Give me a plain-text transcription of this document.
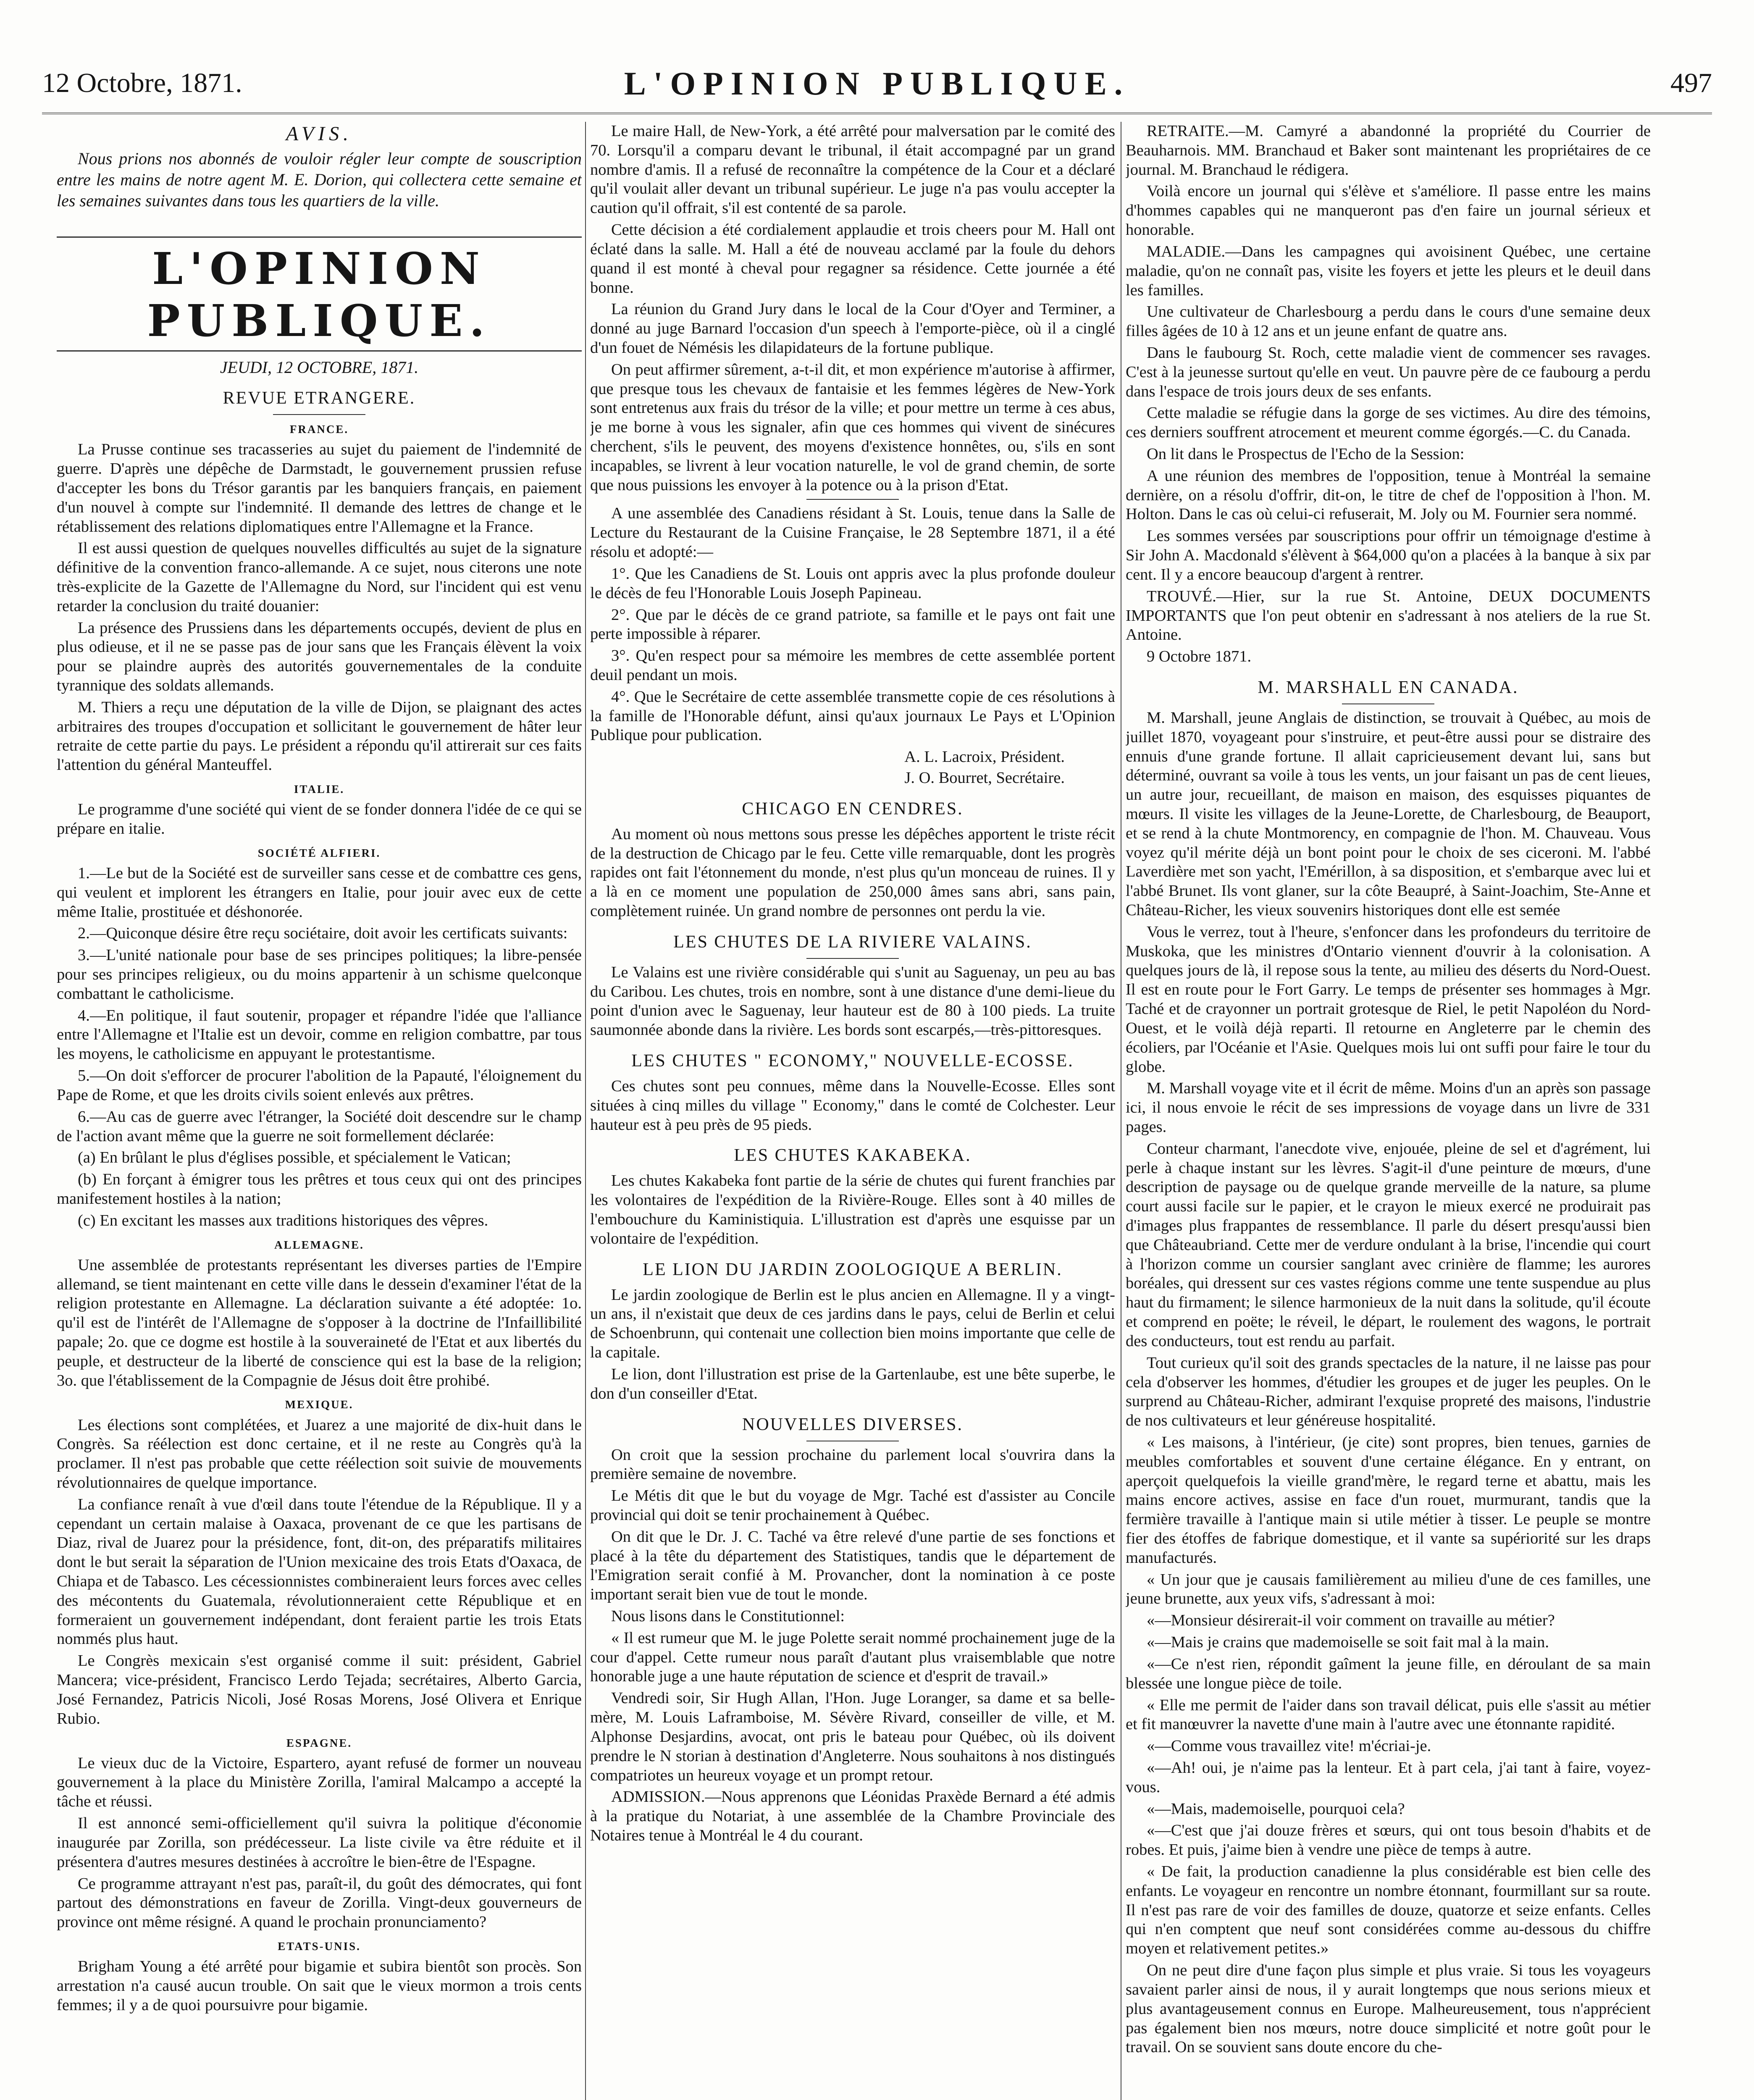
12 Octobre, 1871.	L'OPINION PUBLIQUE.	497
AVIS.

Nous prions nos abonnés de vouloir régler leur compte de souscription entre les mains de notre agent M. E. Dorion, qui collectera cette semaine et les semaines suivantes dans tous les quartiers de la ville.

L'OPINION PUBLIQUE.
JEUDI, 12 OCTOBRE, 1871.
REVUE ETRANGERE.
FRANCE.

La Prusse continue ses tracasseries au sujet du paiement de l'indemnité de guerre. D'après une dépêche de Darmstadt, le gouvernement prussien refuse d'accepter les bons du Trésor garantis par les banquiers français, en paiement d'un nouvel à compte sur l'indemnité. Il demande des lettres de change et le rétablissement des relations diplomatiques entre l'Allemagne et la France.

Il est aussi question de quelques nouvelles difficultés au sujet de la signature définitive de la convention franco-allemande. A ce sujet, nous citerons une note très-explicite de la Gazette de l'Allemagne du Nord, sur l'incident qui est venu retarder la conclusion du traité douanier:

La présence des Prussiens dans les départements occupés, devient de plus en plus odieuse, et il ne se passe pas de jour sans que les Français élèvent la voix pour se plaindre auprès des autorités gouvernementales de la conduite tyrannique des soldats allemands.

M. Thiers a reçu une députation de la ville de Dijon, se plaignant des actes arbitraires des troupes d'occupation et sollicitant le gouvernement de hâter leur retraite de cette partie du pays. Le président a répondu qu'il attirerait sur ces faits l'attention du général Manteuffel.

ITALIE.

Le programme d'une société qui vient de se fonder donnera l'idée de ce qui se prépare en italie.

SOCIÉTÉ ALFIERI.

1.—Le but de la Société est de surveiller sans cesse et de combattre ces gens, qui veulent et implorent les étrangers en Italie, pour jouir avec eux de cette même Italie, prostituée et déshonorée.

2.—Quiconque désire être reçu sociétaire, doit avoir les certificats suivants:

3.—L'unité nationale pour base de ses principes politiques; la libre-pensée pour ses principes religieux, ou du moins appartenir à un schisme quelconque combattant le catholicisme.

4.—En politique, il faut soutenir, propager et répandre l'idée que l'alliance entre l'Allemagne et l'Italie est un devoir, comme en religion combattre, par tous les moyens, le catholicisme en appuyant le protestantisme.

5.—On doit s'efforcer de procurer l'abolition de la Papauté, l'éloignement du Pape de Rome, et que les droits civils soient enlevés aux prêtres.

6.—Au cas de guerre avec l'étranger, la Société doit descendre sur le champ de l'action avant même que la guerre ne soit formellement déclarée:

(a) En brûlant le plus d'églises possible, et spécialement le Vatican;

(b) En forçant à émigrer tous les prêtres et tous ceux qui ont des principes manifestement hostiles à la nation;

(c) En excitant les masses aux traditions historiques des vêpres.

ALLEMAGNE.

Une assemblée de protestants représentant les diverses parties de l'Empire allemand, se tient maintenant en cette ville dans le dessein d'examiner l'état de la religion protestante en Allemagne. La déclaration suivante a été adoptée: 1o. qu'il est de l'intérêt de l'Allemagne de s'opposer à la doctrine de l'Infaillibilité papale; 2o. que ce dogme est hostile à la souveraineté de l'Etat et aux libertés du peuple, et destructeur de la liberté de conscience qui est la base de la religion; 3o. que l'établissement de la Compagnie de Jésus doit être prohibé.

MEXIQUE.

Les élections sont complétées, et Juarez a une majorité de dix-huit dans le Congrès. Sa réélection est donc certaine, et il ne reste au Congrès qu'à la proclamer. Il n'est pas probable que cette réélection soit suivie de mouvements révolutionnaires de quelque importance.

La confiance renaît à vue d'œil dans toute l'étendue de la République. Il y a cependant un certain malaise à Oaxaca, provenant de ce que les partisans de Diaz, rival de Juarez pour la présidence, font, dit-on, des préparatifs militaires dont le but serait la séparation de l'Union mexicaine des trois Etats d'Oaxaca, de Chiapa et de Tabasco. Les cécessionnistes combineraient leurs forces avec celles des mécontents du Guatemala, révolutionneraient cette République et en formeraient un gouvernement indépendant, dont feraient partie les trois Etats nommés plus haut.

Le Congrès mexicain s'est organisé comme il suit: président, Gabriel Mancera; vice-président, Francisco Lerdo Tejada; secrétaires, Alberto Garcia, José Fernandez, Patricis Nicoli, José Rosas Morens, José Olivera et Enrique Rubio.

ESPAGNE.

Le vieux duc de la Victoire, Espartero, ayant refusé de former un nouveau gouvernement à la place du Ministère Zorilla, l'amiral Malcampo a accepté la tâche et réussi.

Il est annoncé semi-officiellement qu'il suivra la politique d'économie inaugurée par Zorilla, son prédécesseur. La liste civile va être réduite et il présentera d'autres mesures destinées à accroître le bien-être de l'Espagne.

Ce programme attrayant n'est pas, paraît-il, du goût des démocrates, qui font partout des démonstrations en faveur de Zorilla. Vingt-deux gouverneurs de province ont même résigné. A quand le prochain pronunciamento?

ETATS-UNIS.

Brigham Young a été arrêté pour bigamie et subira bientôt son procès. Son arrestation n'a causé aucun trouble. On sait que le vieux mormon a trois cents femmes; il y a de quoi poursuivre pour bigamie.

Le maire Hall, de New-York, a été arrêté pour malversation par le comité des 70. Lorsqu'il a comparu devant le tribunal, il était accompagné par un grand nombre d'amis. Il a refusé de reconnaître la compétence de la Cour et a déclaré qu'il voulait aller devant un tribunal supérieur. Le juge n'a pas voulu accepter la caution qu'il offrait, s'il est contenté de sa parole.

Cette décision a été cordialement applaudie et trois cheers pour M. Hall ont éclaté dans la salle. M. Hall a été de nouveau acclamé par la foule du dehors quand il est monté à cheval pour regagner sa résidence. Cette journée a été bonne.

La réunion du Grand Jury dans le local de la Cour d'Oyer and Terminer, a donné au juge Barnard l'occasion d'un speech à l'emporte-pièce, où il a cinglé d'un fouet de Némésis les dilapidateurs de la fortune publique.

On peut affirmer sûrement, a-t-il dit, et mon expérience m'autorise à affirmer, que presque tous les chevaux de fantaisie et les femmes légères de New-York sont entretenus aux frais du trésor de la ville; et pour mettre un terme à ces abus, je me borne à vous les signaler, afin que ces hommes qui vivent de sinécures cherchent, s'ils le peuvent, des moyens d'existence honnêtes, ou, s'ils en sont incapables, se livrent à leur vocation naturelle, le vol de grand chemin, de sorte que nous puissions les envoyer à la potence ou à la prison d'Etat.

A une assemblée des Canadiens résidant à St. Louis, tenue dans la Salle de Lecture du Restaurant de la Cuisine Française, le 28 Septembre 1871, il a été résolu et adopté:—

1°. Que les Canadiens de St. Louis ont appris avec la plus profonde douleur le décès de feu l'Honorable Louis Joseph Papineau.

2°. Que par le décès de ce grand patriote, sa famille et le pays ont fait une perte impossible à réparer.

3°. Qu'en respect pour sa mémoire les membres de cette assemblée portent deuil pendant un mois.

4°. Que le Secrétaire de cette assemblée transmette copie de ces résolutions à la famille de l'Honorable défunt, ainsi qu'aux journaux Le Pays et L'Opinion Publique pour publication.

A. L. Lacroix, Président.
J. O. Bourret, Secrétaire.
CHICAGO EN CENDRES.

Au moment où nous mettons sous presse les dépêches apportent le triste récit de la destruction de Chicago par le feu. Cette ville remarquable, dont les progrès rapides ont fait l'étonnement du monde, n'est plus qu'un monceau de ruines. Il y a là en ce moment une population de 250,000 âmes sans abri, sans pain, complètement ruinée. Un grand nombre de personnes ont perdu la vie.

LES CHUTES DE LA RIVIERE VALAINS.

Le Valains est une rivière considérable qui s'unit au Saguenay, un peu au bas du Caribou. Les chutes, trois en nombre, sont à une distance d'une demi-lieue du point d'union avec le Saguenay, leur hauteur est de 80 à 100 pieds. La truite saumonnée abonde dans la rivière. Les bords sont escarpés,—très-pittoresques.

LES CHUTES " ECONOMY," NOUVELLE-ECOSSE.

Ces chutes sont peu connues, même dans la Nouvelle-Ecosse. Elles sont situées à cinq milles du village " Economy," dans le comté de Colchester. Leur hauteur est à peu près de 95 pieds.

LES CHUTES KAKABEKA.

Les chutes Kakabeka font partie de la série de chutes qui furent franchies par les volontaires de l'expédition de la Rivière-Rouge. Elles sont à 40 milles de l'embouchure du Kaministiquia. L'illustration est d'après une esquisse par un volontaire de l'expédition.

LE LION DU JARDIN ZOOLOGIQUE A BERLIN.

Le jardin zoologique de Berlin est le plus ancien en Allemagne. Il y a vingt-un ans, il n'existait que deux de ces jardins dans le pays, celui de Berlin et celui de Schoenbrunn, qui contenait une collection bien moins importante que celle de la capitale.

Le lion, dont l'illustration est prise de la Gartenlaube, est une bête superbe, le don d'un conseiller d'Etat.

NOUVELLES DIVERSES.

On croit que la session prochaine du parlement local s'ouvrira dans la première semaine de novembre.

Le Métis dit que le but du voyage de Mgr. Taché est d'assister au Concile provincial qui doit se tenir prochainement à Québec.

On dit que le Dr. J. C. Taché va être relevé d'une partie de ses fonctions et placé à la tête du département des Statistiques, tandis que le département de l'Emigration serait confié à M. Provancher, dont la nomination à ce poste important serait bien vue de tout le monde.

Nous lisons dans le Constitutionnel:

« Il est rumeur que M. le juge Polette serait nommé prochainement juge de la cour d'appel. Cette rumeur nous paraît d'autant plus vraisemblable que notre honorable juge a une haute réputation de science et d'esprit de travail.»

Vendredi soir, Sir Hugh Allan, l'Hon. Juge Loranger, sa dame et sa belle-mère, M. Louis Laframboise, M. Sévère Rivard, conseiller de ville, et M. Alphonse Desjardins, avocat, ont pris le bateau pour Québec, où ils doivent prendre le N storian à destination d'Angleterre. Nous souhaitons à nos distingués compatriotes un heureux voyage et un prompt retour.

ADMISSION.—Nous apprenons que Léonidas Praxède Bernard a été admis à la pratique du Notariat, à une assemblée de la Chambre Provinciale des Notaires tenue à Montréal le 4 du courant.

RETRAITE.—M. Camyré a abandonné la propriété du Courrier de Beauharnois. MM. Branchaud et Baker sont maintenant les propriétaires de ce journal. M. Branchaud le rédigera.

Voilà encore un journal qui s'élève et s'améliore. Il passe entre les mains d'hommes capables qui ne manqueront pas d'en faire un journal sérieux et honorable.

MALADIE.—Dans les campagnes qui avoisinent Québec, une certaine maladie, qu'on ne connaît pas, visite les foyers et jette les pleurs et le deuil dans les familles.

Une cultivateur de Charlesbourg a perdu dans le cours d'une semaine deux filles âgées de 10 à 12 ans et un jeune enfant de quatre ans.

Dans le faubourg St. Roch, cette maladie vient de commencer ses ravages. C'est à la jeunesse surtout qu'elle en veut. Un pauvre père de ce faubourg a perdu dans l'espace de trois jours deux de ses enfants.

Cette maladie se réfugie dans la gorge de ses victimes. Au dire des témoins, ces derniers souffrent atrocement et meurent comme égorgés.—C. du Canada.

On lit dans le Prospectus de l'Echo de la Session:

A une réunion des membres de l'opposition, tenue à Montréal la semaine dernière, on a résolu d'offrir, dit-on, le titre de chef de l'opposition à l'hon. M. Holton. Dans le cas où celui-ci refuserait, M. Joly ou M. Fournier sera nommé.

Les sommes versées par souscriptions pour offrir un témoignage d'estime à Sir John A. Macdonald s'élèvent à $64,000 qu'on a placées à la banque à six par cent. Il y a encore beaucoup d'argent à rentrer.

TROUVÉ.—Hier, sur la rue St. Antoine, DEUX DOCUMENTS IMPORTANTS que l'on peut obtenir en s'adressant à nos ateliers de la rue St. Antoine.

9 Octobre 1871.

M. MARSHALL EN CANADA.

M. Marshall, jeune Anglais de distinction, se trouvait à Québec, au mois de juillet 1870, voyageant pour s'instruire, et peut-être aussi pour se distraire des ennuis d'une grande fortune. Il allait capricieusement devant lui, sans but déterminé, ouvrant sa voile à tous les vents, un jour faisant un pas de cent lieues, un autre jour, recueillant, de maison en maison, des esquisses piquantes de mœurs. Il visite les villages de la Jeune-Lorette, de Charlesbourg, de Beauport, et se rend à la chute Montmorency, en compagnie de l'hon. M. Chauveau. Vous voyez qu'il mérite déjà un bont point pour le choix de ses ciceroni. M. l'abbé Laverdière met son yacht, l'Emérillon, à sa disposition, et s'embarque avec lui et l'abbé Brunet. Ils vont glaner, sur la côte Beaupré, à Saint-Joachim, Ste-Anne et Château-Richer, les vieux souvenirs historiques dont elle est semée

Vous le verrez, tout à l'heure, s'enfoncer dans les profondeurs du territoire de Muskoka, que les ministres d'Ontario viennent d'ouvrir à la colonisation. A quelques jours de là, il repose sous la tente, au milieu des déserts du Nord-Ouest. Il est en route pour le Fort Garry. Le temps de présenter ses hommages à Mgr. Taché et de crayonner un portrait grotesque de Riel, le petit Napoléon du Nord-Ouest, et le voilà déjà reparti. Il retourne en Angleterre par le chemin des écoliers, par l'Océanie et l'Asie. Quelques mois lui ont suffi pour faire le tour du globe.

M. Marshall voyage vite et il écrit de même. Moins d'un an après son passage ici, il nous envoie le récit de ses impressions de voyage dans un livre de 331 pages.

Conteur charmant, l'anecdote vive, enjouée, pleine de sel et d'agrément, lui perle à chaque instant sur les lèvres. S'agit-il d'une peinture de mœurs, d'une description de paysage ou de quelque grande merveille de la nature, sa plume court aussi facile sur le papier, et le crayon le mieux exercé ne produirait pas d'images plus frappantes de ressemblance. Il parle du désert presqu'aussi bien que Châteaubriand. Cette mer de verdure ondulant à la brise, l'incendie qui court à l'horizon comme un coursier sanglant avec crinière de flamme; les aurores boréales, qui dressent sur ces vastes régions comme une tente suspendue au plus haut du firmament; le silence harmonieux de la nuit dans la solitude, qu'il écoute et comprend en poëte; le réveil, le départ, le roulement des wagons, le portrait des conducteurs, tout est rendu au parfait.

Tout curieux qu'il soit des grands spectacles de la nature, il ne laisse pas pour cela d'observer les hommes, d'étudier les groupes et de juger les peuples. On le surprend au Château-Richer, admirant l'exquise propreté des maisons, l'industrie de nos cultivateurs et leur généreuse hospitalité.

« Les maisons, à l'intérieur, (je cite) sont propres, bien tenues, garnies de meubles comfortables et souvent d'une certaine élégance. En y entrant, on aperçoit quelquefois la vieille grand'mère, le regard terne et abattu, mais les mains encore actives, assise en face d'un rouet, murmurant, tandis que la fermière travaille à l'antique main si utile métier à tisser. Le peuple se montre fier des étoffes de fabrique domestique, et il vante sa supériorité sur les draps manufacturés.

« Un jour que je causais familièrement au milieu d'une de ces familles, une jeune brunette, aux yeux vifs, s'adressant à moi:

«—Monsieur désirerait-il voir comment on travaille au métier?

«—Mais je crains que mademoiselle se soit fait mal à la main.

«—Ce n'est rien, répondit gaîment la jeune fille, en déroulant de sa main blessée une longue pièce de toile.

« Elle me permit de l'aider dans son travail délicat, puis elle s'assit au métier et fit manœuvrer la navette d'une main à l'autre avec une étonnante rapidité.

«—Comme vous travaillez vite! m'écriai-je.

«—Ah! oui, je n'aime pas la lenteur. Et à part cela, j'ai tant à faire, voyez-vous.

«—Mais, mademoiselle, pourquoi cela?

«—C'est que j'ai douze frères et sœurs, qui ont tous besoin d'habits et de robes. Et puis, j'aime bien à vendre une pièce de temps à autre.

« De fait, la production canadienne la plus considérable est bien celle des enfants. Le voyageur en rencontre un nombre étonnant, fourmillant sur sa route. Il n'est pas rare de voir des familles de douze, quatorze et seize enfants. Celles qui n'en comptent que neuf sont considérées comme au-dessous du chiffre moyen et relativement petites.»

On ne peut dire d'une façon plus simple et plus vraie. Si tous les voyageurs savaient parler ainsi de nous, il y aurait longtemps que nous serions mieux et plus avantageusement connus en Europe. Malheureusement, tous n'apprécient pas également bien nos mœurs, notre douce simplicité et notre goût pour le travail. On se souvient sans doute encore du che-
